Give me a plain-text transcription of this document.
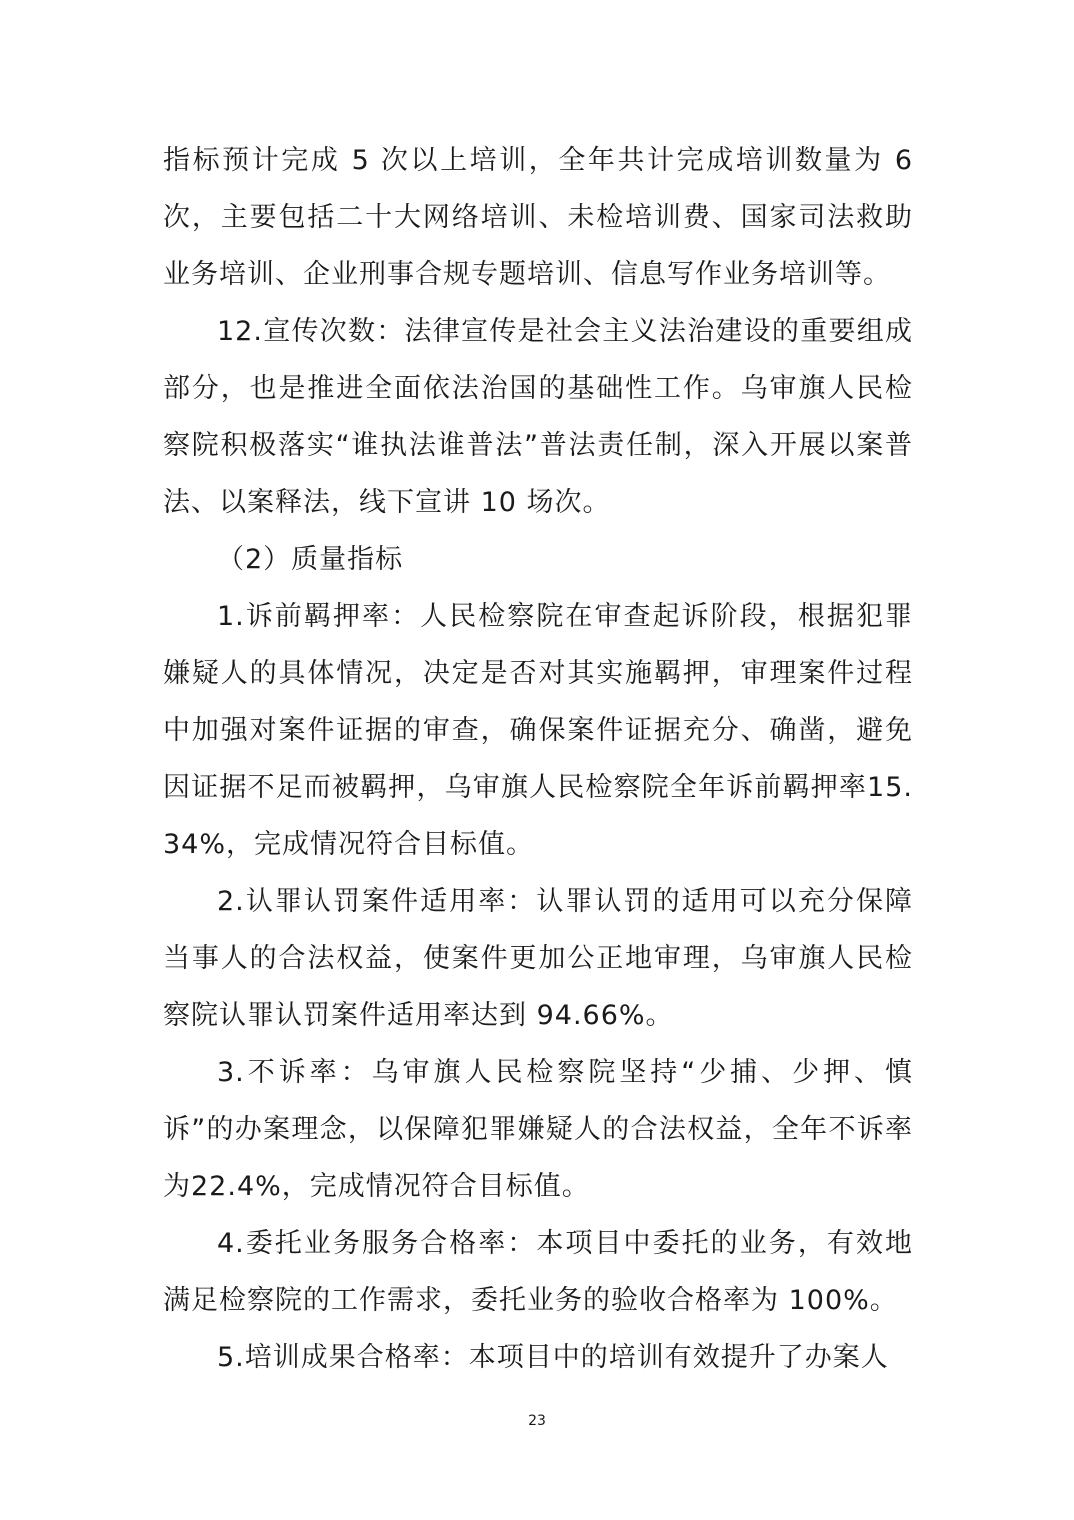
指标预计完成 5 次以上培训，全年共计完成培训数量为 6 次，主要包括二十大网络培训、未检培训费、国家司法救助业务培训、企业刑事合规专题培训、信息写作业务培训等。

12.宣传次数：法律宣传是社会主义法治建设的重要组成部分，也是推进全面依法治国的基础性工作。乌审旗人民检察院积极落实“谁执法谁普法”普法责任制，深入开展以案普法、以案释法，线下宣讲 10 场次。

（2）质量指标

1.诉前羁押率：人民检察院在审查起诉阶段，根据犯罪嫌疑人的具体情况，决定是否对其实施羁押，审理案件过程中加强对案件证据的审查，确保案件证据充分、确凿，避免因证据不足而被羁押，乌审旗人民检察院全年诉前羁押率15.34%，完成情况符合目标值。

2.认罪认罚案件适用率：认罪认罚的适用可以充分保障当事人的合法权益，使案件更加公正地审理，乌审旗人民检察院认罪认罚案件适用率达到 94.66%。

3.不诉率：乌审旗人民检察院坚持“少捕、少押、慎诉”的办案理念，以保障犯罪嫌疑人的合法权益，全年不诉率为22.4%，完成情况符合目标值。

4.委托业务服务合格率：本项目中委托的业务，有效地满足检察院的工作需求，委托业务的验收合格率为 100%。

5.培训成果合格率：本项目中的培训有效提升了办案人

23
